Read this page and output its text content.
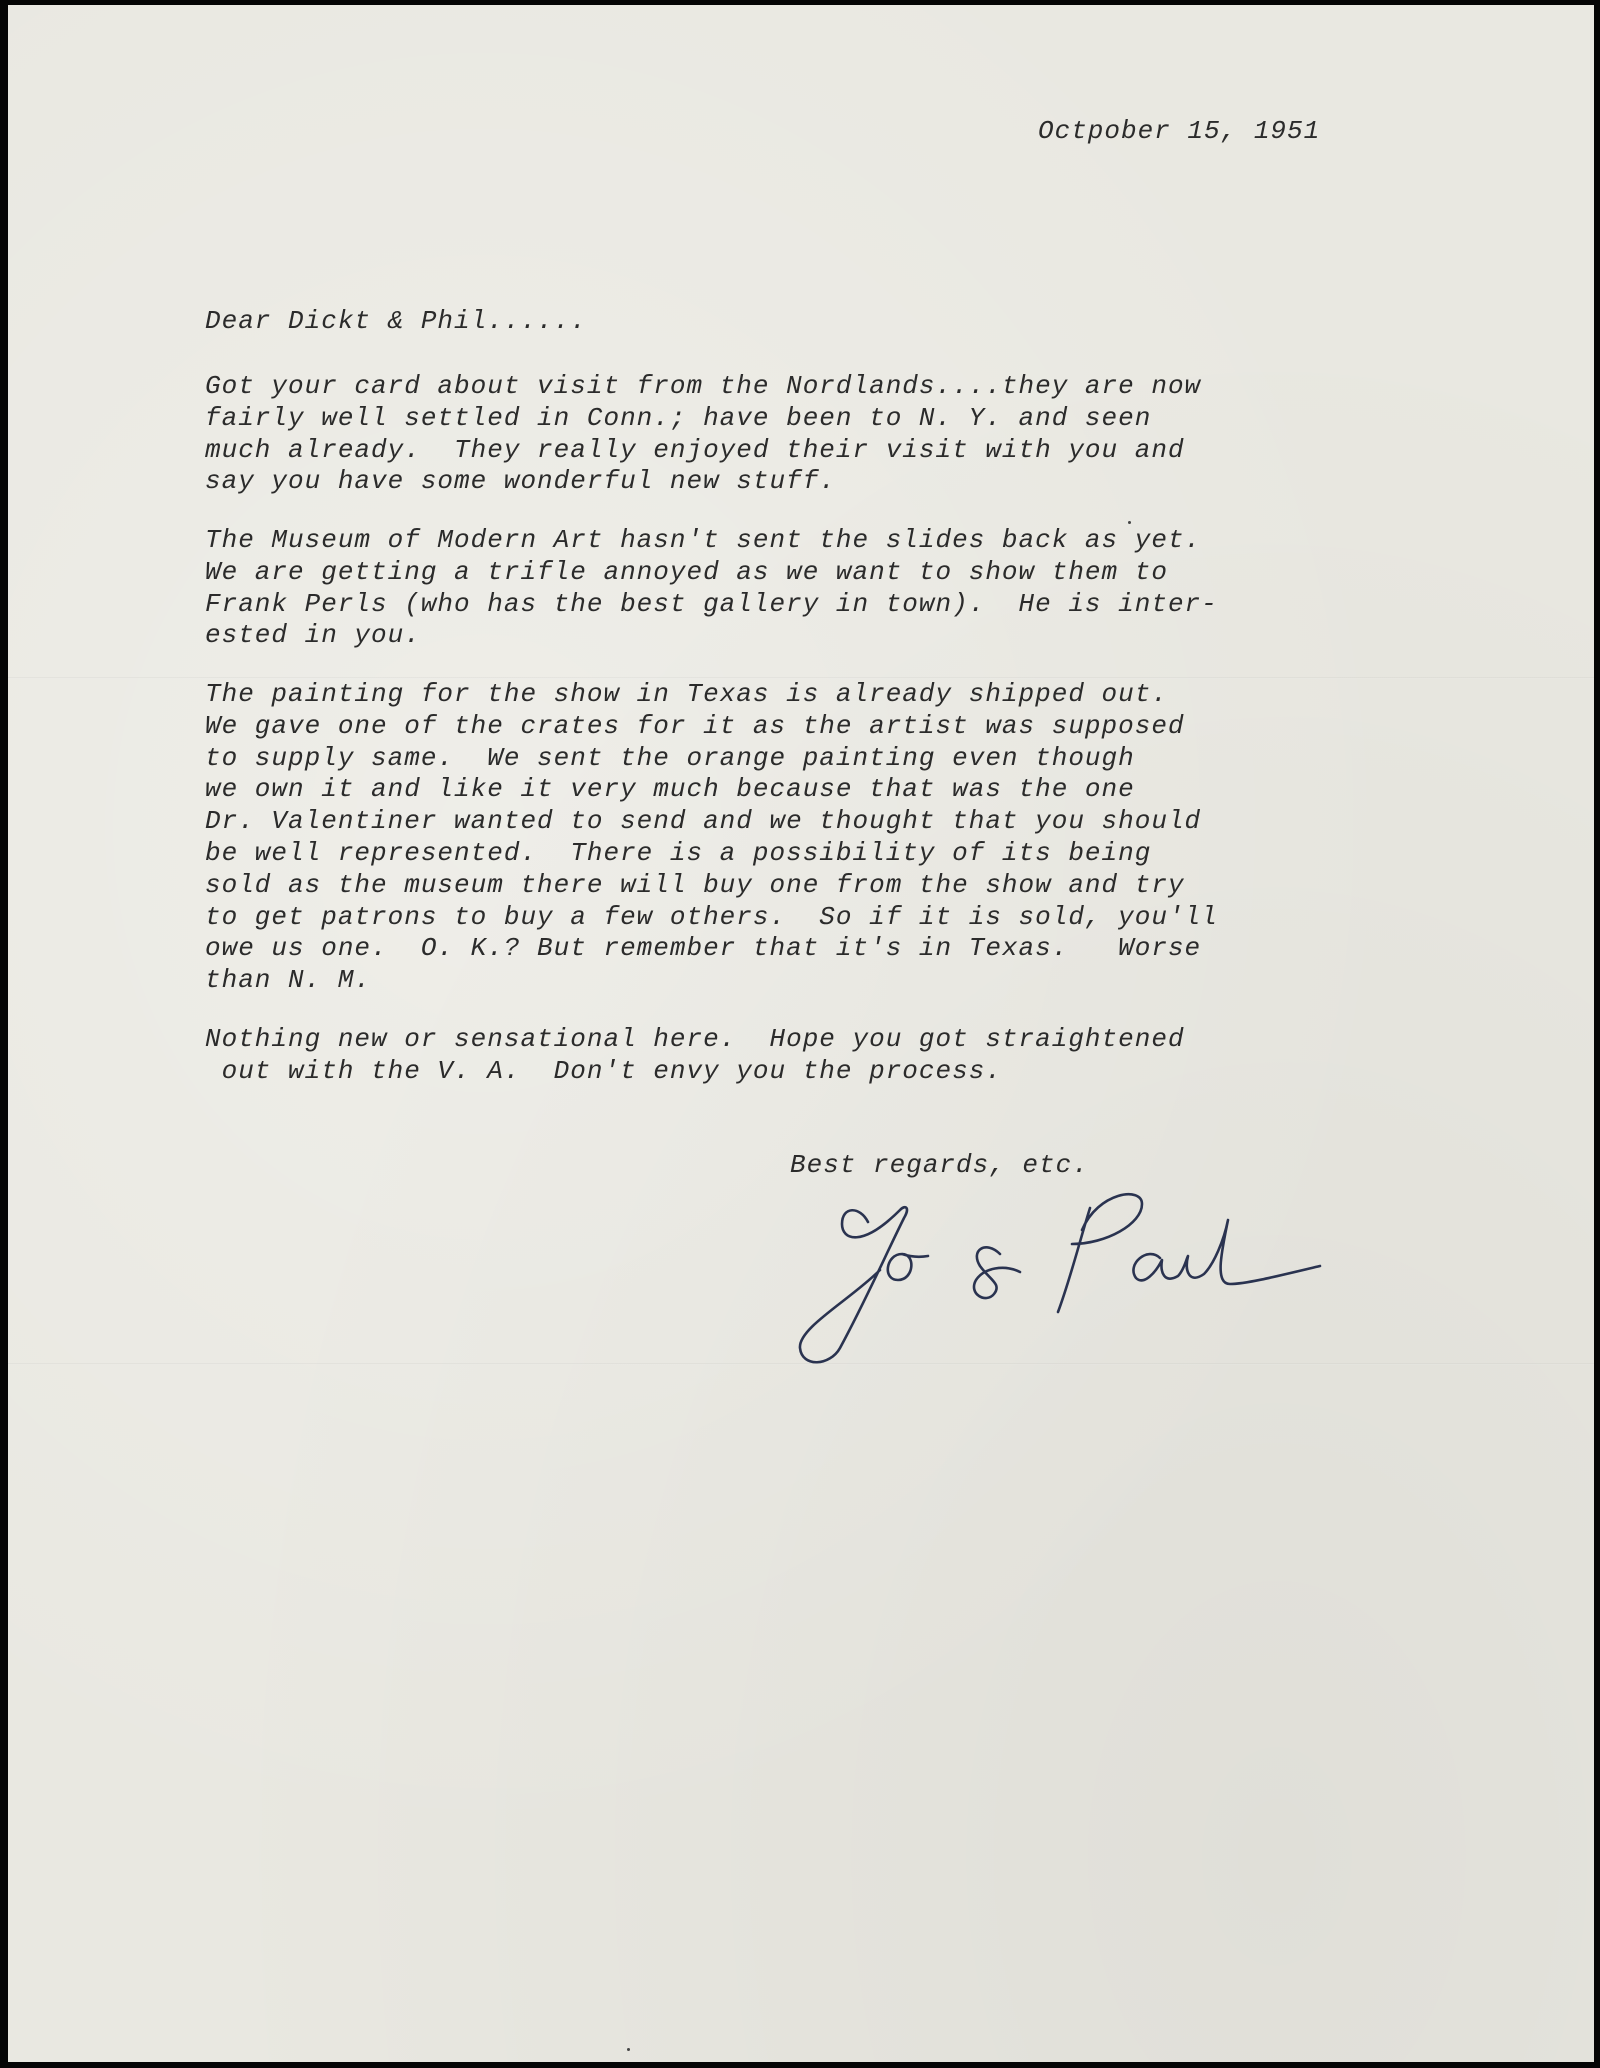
Octpober 15, 1951

Dear Dickt & Phil......

Got your card about visit from the Nordlands....they are now
fairly well settled in Conn.; have been to N. Y. and seen
much already.  They really enjoyed their visit with you and
say you have some wonderful new stuff.

The Museum of Modern Art hasn't sent the slides back as yet.
We are getting a trifle annoyed as we want to show them to
Frank Perls (who has the best gallery in town).  He is inter-
ested in you.

The painting for the show in Texas is already shipped out.
We gave one of the crates for it as the artist was supposed
to supply same.  We sent the orange painting even though
we own it and like it very much because that was the one
Dr. Valentiner wanted to send and we thought that you should
be well represented.  There is a possibility of its being
sold as the museum there will buy one from the show and try
to get patrons to buy a few others.  So if it is sold, you'll
owe us one.  O. K.? But remember that it's in Texas.   Worse
than N. M.

Nothing new or sensational here.  Hope you got straightened
out with the V. A.  Don't envy you the process.

Best regards, etc.
